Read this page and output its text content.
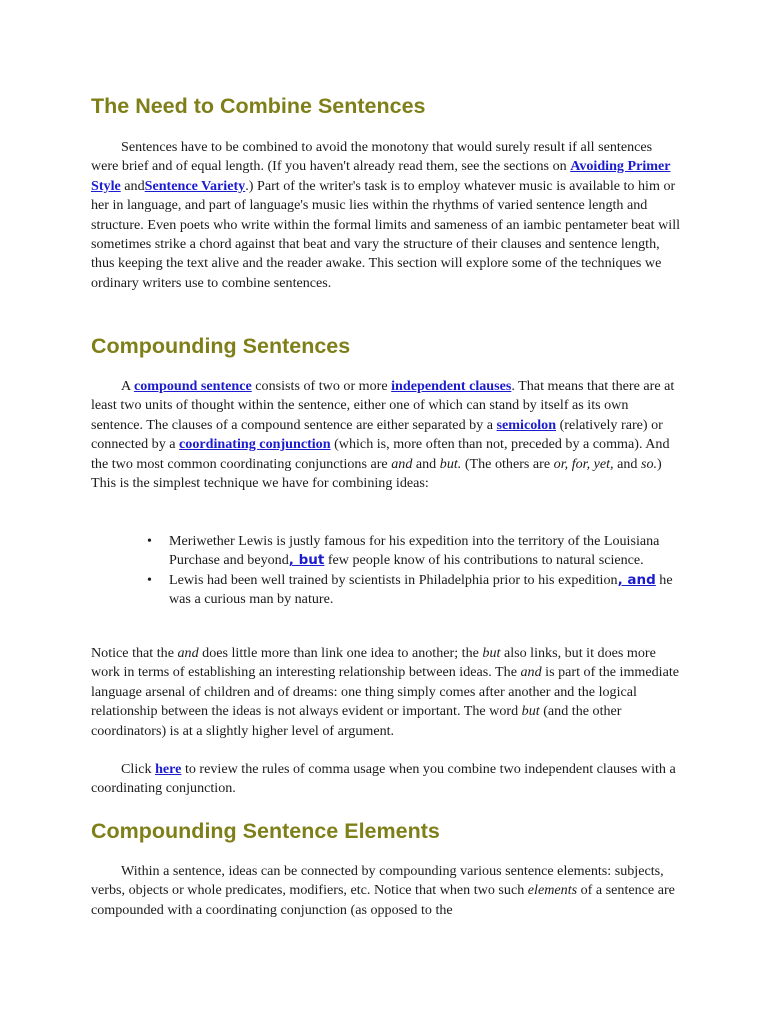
The Need to Combine Sentences

Sentences have to be combined to avoid the monotony that would surely result if all sentences were brief and of equal length. (If you haven't already read them, see the sections on Avoiding Primer Style andSentence Variety.) Part of the writer's task is to employ whatever music is available to him or her in language, and part of language's music lies within the rhythms of varied sentence length and structure. Even poets who write within the formal limits and sameness of an iambic pentameter beat will sometimes strike a chord against that beat and vary the structure of their clauses and sentence length, thus keeping the text alive and the reader awake. This section will explore some of the techniques we ordinary writers use to combine sentences.

Compounding Sentences

A compound sentence consists of two or more independent clauses. That means that there are at least two units of thought within the sentence, either one of which can stand by itself as its own sentence. The clauses of a compound sentence are either separated by a semicolon (relatively rare) or connected by a coordinating conjunction (which is, more often than not, preceded by a comma). And the two most common coordinating conjunctions are and and but. (The others are or, for, yet, and so.) This is the simplest technique we have for combining ideas:

• Meriwether Lewis is justly famous for his expedition into the territory of the Louisiana Purchase and beyond, but few people know of his contributions to natural science.
• Lewis had been well trained by scientists in Philadelphia prior to his expedition, and he was a curious man by nature.

Notice that the and does little more than link one idea to another; the but also links, but it does more work in terms of establishing an interesting relationship between ideas. The and is part of the immediate language arsenal of children and of dreams: one thing simply comes after another and the logical relationship between the ideas is not always evident or important. The word but (and the other coordinators) is at a slightly higher level of argument.

Click here to review the rules of comma usage when you combine two independent clauses with a coordinating conjunction.

Compounding Sentence Elements

Within a sentence, ideas can be connected by compounding various sentence elements: subjects, verbs, objects or whole predicates, modifiers, etc. Notice that when two such elements of a sentence are compounded with a coordinating conjunction (as opposed to the
